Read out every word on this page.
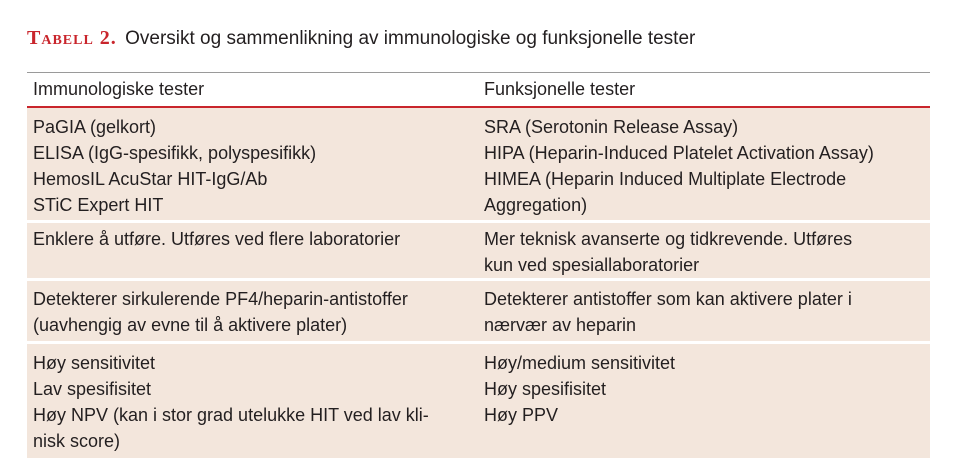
Tabell 2. Oversikt og sammenlikning av immunologiske og funksjonelle tester
Immunologiske tester	Funksjonelle tester
PaGIA (gelkort)
ELISA (IgG-spesifikk, polyspesifikk)
HemosIL AcuStar HIT-IgG/Ab
STiC Expert HIT
SRA (Serotonin Release Assay)
HIPA (Heparin-Induced Platelet Activation Assay)
HIMEA (Heparin Induced Multiplate Electrode
Aggregation)
Enklere å utføre. Utføres ved flere laboratorier	Mer teknisk avanserte og tidkrevende. Utføres
kun ved spesiallaboratorier
Detekterer sirkulerende PF4/heparin-antistoffer
(uavhengig av evne til å aktivere plater)
Detekterer antistoffer som kan aktivere plater i
nærvær av heparin
Høy sensitivitet
Lav spesifisitet
Høy NPV (kan i stor grad utelukke HIT ved lav kli-
nisk score)
Høy/medium sensitivitet
Høy spesifisitet
Høy PPV
